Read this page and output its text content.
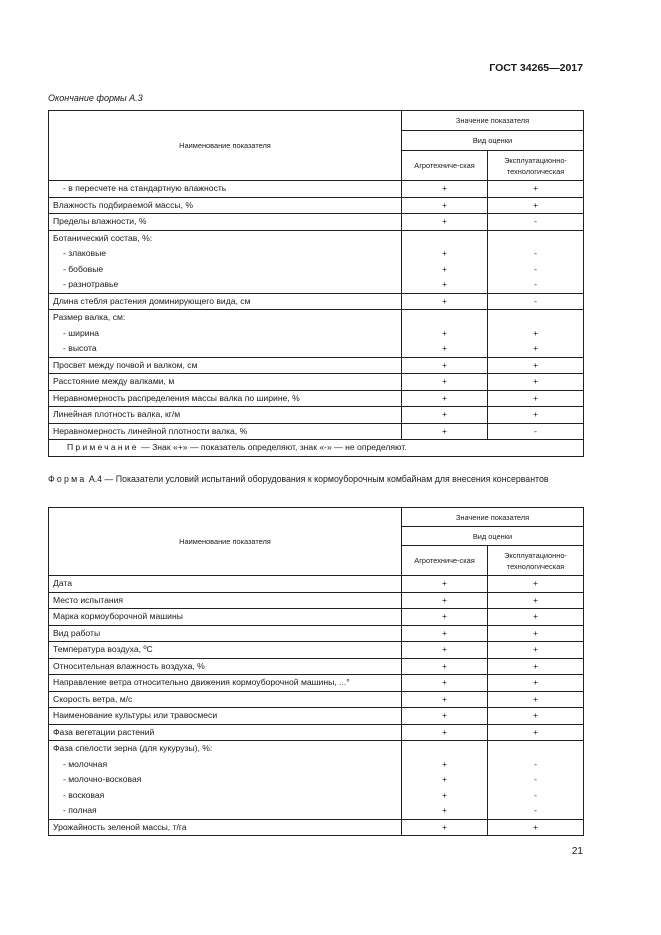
ГОСТ 34265—2017
Окончание формы А.3
Наименование показателя	Значение показателя	
	Вид оценки	
	Агротехниче-ская	Эксплуатационно-технологическая
- в пересчете на стандартную влажность	+	+
Влажность подбираемой массы, %	+	+
Пределы влажности, %	+	-
Ботанический состав, %:		
- злаковые	+	-
- бобовые	+	-
- разнотравье	+	-
Длина стебля растения доминирующего вида, см	+	-
Размер валка, см:		
- ширина	+	+
- высота	+	+
Просвет между почвой и валком, см	+	+
Расстояние между валками, м	+	+
Неравномерность распределения массы валка по ширине, %	+	+
Линейная плотность валка, кг/м	+	+
Неравномерность линейной плотности валка, %	+	-
Примечание — Знак «+» — показатель определяют, знак «-» — не определяют.		
Форма А.4 — Показатели условий испытаний оборудования к кормоуборочным комбайнам для внесения консервантов
Наименование показателя	Значение показателя	
	Вид оценки	
	Агротехниче-ская	Эксплуатационно-технологическая
Дата	+	+
Место испытания	+	+
Марка кормоуборочной машины	+	+
Вид работы	+	+
Температура воздуха, ºС	+	+
Относительная влажность воздуха, %	+	+
Направление ветра относительно движения кормоуборочной машины, ...°	+	+
Скорость ветра, м/с	+	+
Наименование культуры или травосмеси	+	+
Фаза вегетации растений	+	+
Фаза спелости зерна (для кукурузы), %:		
- молочная	+	-
- молочно-восковая	+	-
- восковая	+	-
- полная	+	-
Урожайность зеленой массы, т/га	+	+
21
